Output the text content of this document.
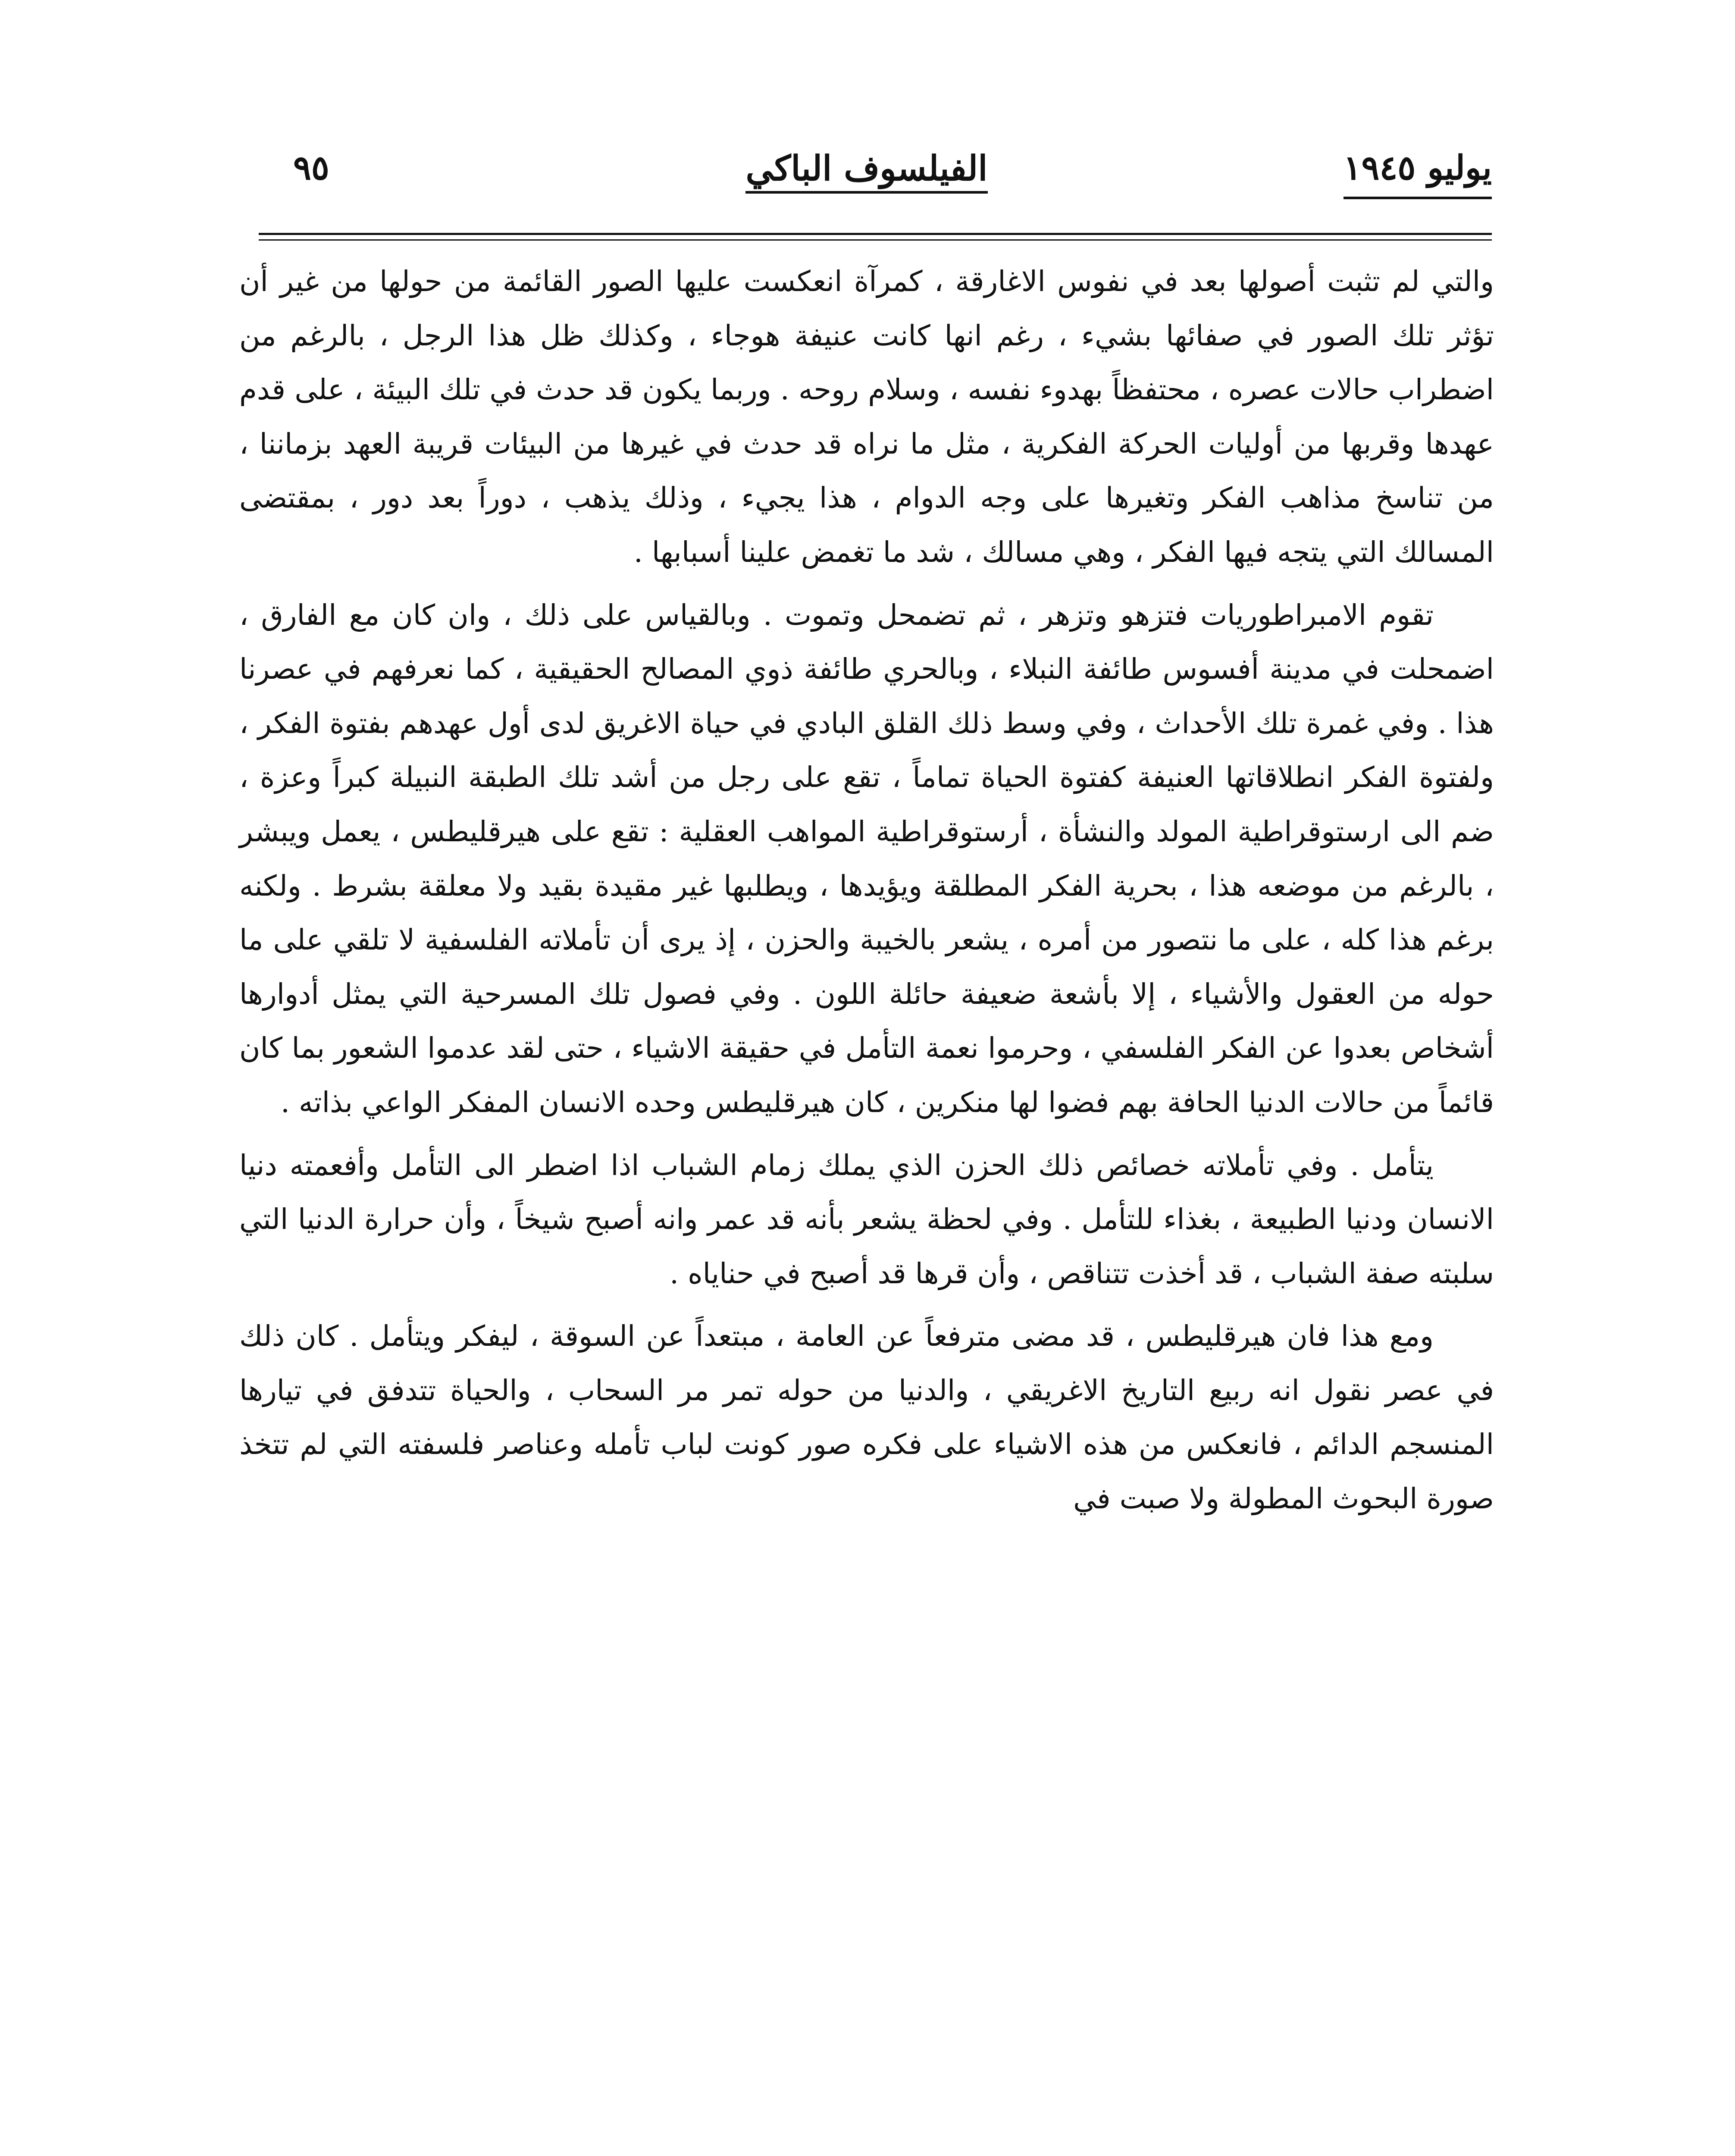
يوليو ١٩٤٥
الفيلسوف الباكي
٩٥

والتي لم تثبت أصولها بعد في نفوس الاغارقة ، كمرآة انعكست عليها الصور القائمة من حولها من غير أن تؤثر تلك الصور في صفائها بشيء ، رغم انها كانت عنيفة هوجاء ، وكذلك ظل هذا الرجل ، بالرغم من اضطراب حالات عصره ، محتفظاً بهدوء نفسه ، وسلام روحه . وربما يكون قد حدث في تلك البيئة ، على قدم عهدها وقربها من أوليات الحركة الفكرية ، مثل ما نراه قد حدث في غيرها من البيئات قريبة العهد بزماننا ، من تناسخ مذاهب الفكر وتغيرها على وجه الدوام ، هذا يجيء ، وذلك يذهب ، دوراً بعد دور ، بمقتضى المسالك التي يتجه فيها الفكر ، وهي مسالك ، شد ما تغمض علينا أسبابها .

تقوم الامبراطوريات فتزهو وتزهر ، ثم تضمحل وتموت . وبالقياس على ذلك ، وان كان مع الفارق ، اضمحلت في مدينة أفسوس طائفة النبلاء ، وبالحري طائفة ذوي المصالح الحقيقية ، كما نعرفهم في عصرنا هذا . وفي غمرة تلك الأحداث ، وفي وسط ذلك القلق البادي في حياة الاغريق لدى أول عهدهم بفتوة الفكر ، ولفتوة الفكر انطلاقاتها العنيفة كفتوة الحياة تماماً ، تقع على رجل من أشد تلك الطبقة النبيلة كبراً وعزة ، ضم الى ارستوقراطية المولد والنشأة ، أرستوقراطية المواهب العقلية : تقع على هيرقليطس ، يعمل ويبشر ، بالرغم من موضعه هذا ، بحرية الفكر المطلقة ويؤيدها ، ويطلبها غير مقيدة بقيد ولا معلقة بشرط . ولكنه برغم هذا كله ، على ما نتصور من أمره ، يشعر بالخيبة والحزن ، إذ يرى أن تأملاته الفلسفية لا تلقي على ما حوله من العقول والأشياء ، إلا بأشعة ضعيفة حائلة اللون . وفي فصول تلك المسرحية التي يمثل أدوارها أشخاص بعدوا عن الفكر الفلسفي ، وحرموا نعمة التأمل في حقيقة الاشياء ، حتى لقد عدموا الشعور بما كان قائماً من حالات الدنيا الحافة بهم فضوا لها منكرين ، كان هيرقليطس وحده الانسان المفكر الواعي بذاته .

يتأمل . وفي تأملاته خصائص ذلك الحزن الذي يملك زمام الشباب اذا اضطر الى التأمل وأفعمته دنيا الانسان ودنيا الطبيعة ، بغذاء للتأمل . وفي لحظة يشعر بأنه قد عمر وانه أصبح شيخاً ، وأن حرارة الدنيا التي سلبته صفة الشباب ، قد أخذت تتناقص ، وأن قرها قد أصبح في حناياه .

ومع هذا فان هيرقليطس ، قد مضى مترفعاً عن العامة ، مبتعداً عن السوقة ، ليفكر ويتأمل . كان ذلك في عصر نقول انه ربيع التاريخ الاغريقي ، والدنيا من حوله تمر مر السحاب ، والحياة تتدفق في تيارها المنسجم الدائم ، فانعكس من هذه الاشياء على فكره صور كونت لباب تأمله وعناصر فلسفته التي لم تتخذ صورة البحوث المطولة ولا صبت في
